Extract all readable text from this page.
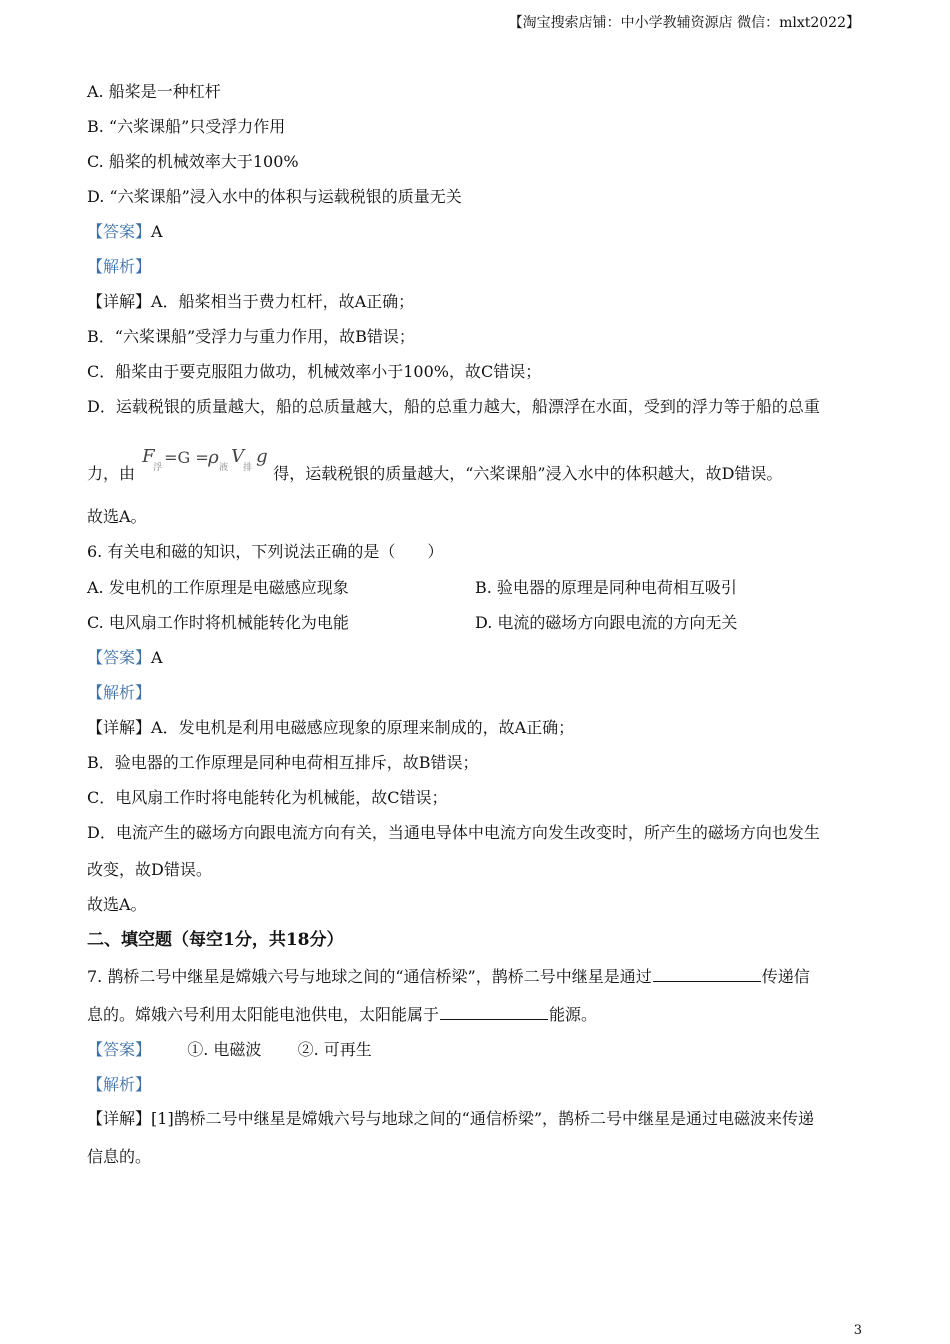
【淘宝搜索店铺：中小学教辅资源店 微信：mlxt2022】
A. 船桨是一种杠杆
B. “六桨课船”只受浮力作用
C. 船桨的机械效率大于100%
D. “六桨课船”浸入水中的体积与运载税银的质量无关
【答案】A
【解析】
【详解】A．船桨相当于费力杠杆，故A正确；
B．“六桨课船”受浮力与重力作用，故B错误；
C．船桨由于要克服阻力做功，机械效率小于100%，故C错误；
D．运载税银的质量越大，船的总质量越大，船的总重力越大，船漂浮在水面，受到的浮力等于船的总重
力，由
F
浮
=G = ρ 液
V
排
g
得，运载税银的质量越大，“六桨课船”浸入水中的体积越大，故D错误。
故选A。
6. 有关电和磁的知识，下列说法正确的是（　　）
A. 发电机的工作原理是电磁感应现象	B. 验电器的原理是同种电荷相互吸引
C. 电风扇工作时将机械能转化为电能	D. 电流的磁场方向跟电流的方向无关
【答案】A
【解析】
【详解】A．发电机是利用电磁感应现象的原理来制成的，故A正确；
B．验电器的工作原理是同种电荷相互排斥，故B错误；
C．电风扇工作时将电能转化为机械能，故C错误；
D．电流产生的磁场方向跟电流方向有关，当通电导体中电流方向发生改变时，所产生的磁场方向也发生
改变，故D错误。
故选A。
二、填空题（每空1分，共18分）
7. 鹊桥二号中继星是嫦娥六号与地球之间的“通信桥梁”，鹊桥二号中继星是通过	传递信
息的。嫦娥六号利用太阳能电池供电，太阳能属于	能源。
【答案】 ①. 电磁波 ②. 可再生
【解析】
【详解】[1]鹊桥二号中继星是嫦娥六号与地球之间的“通信桥梁”，鹊桥二号中继星是通过电磁波来传递
信息的。
3
